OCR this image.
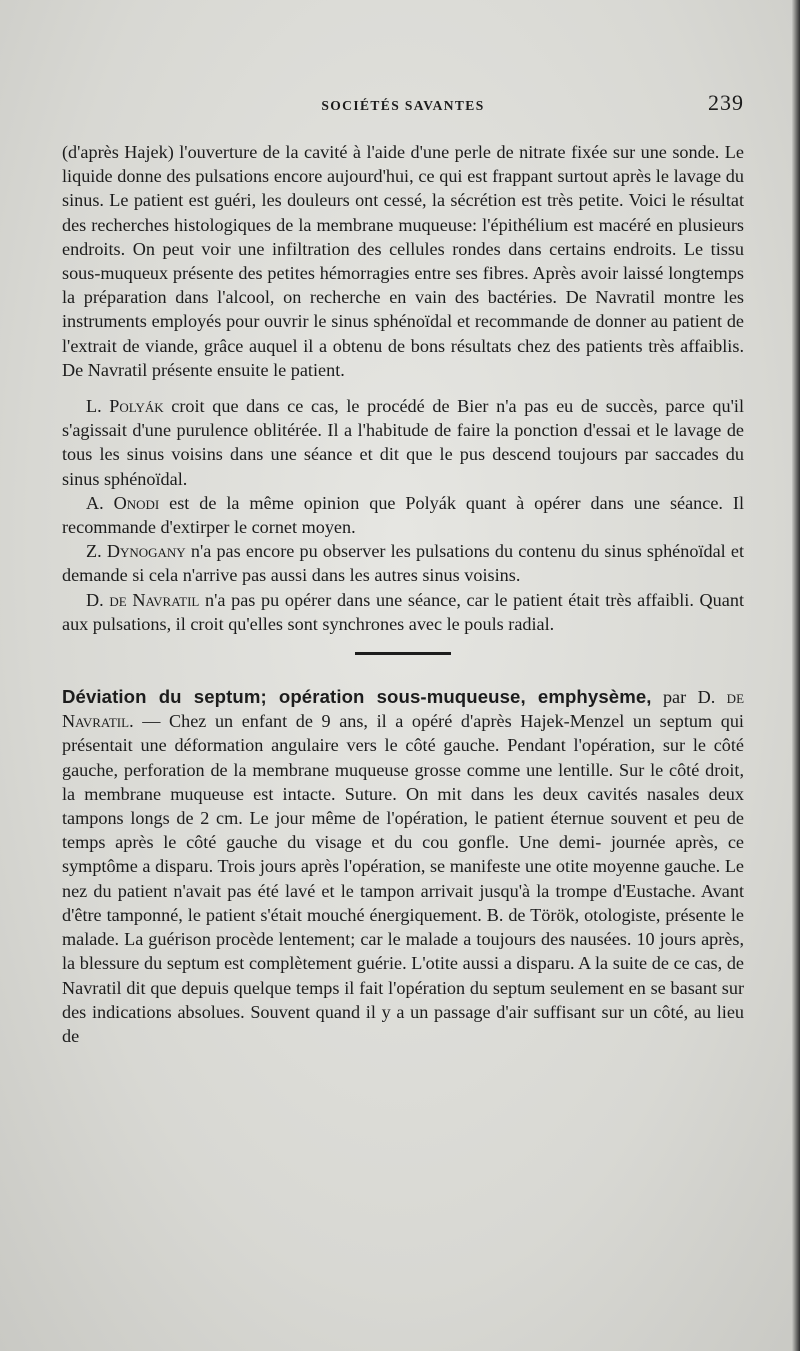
SOCIÉTÉS SAVANTES	239

(d'après Hajek) l'ouverture de la cavité à l'aide d'une perle de nitrate fixée sur une sonde. Le liquide donne des pulsations encore aujourd'hui, ce qui est frappant surtout après le lavage du sinus. Le patient est guéri, les douleurs ont cessé, la sécrétion est très petite. Voici le résultat des recherches histologiques de la membrane muqueuse: l'épithélium est macéré en plusieurs endroits. On peut voir une infiltration des cellules rondes dans certains endroits. Le tissu sous-muqueux présente des petites hémorragies entre ses fibres. Après avoir laissé longtemps la préparation dans l'alcool, on recherche en vain des bactéries. De Navratil montre les instruments employés pour ouvrir le sinus sphénoïdal et recommande de donner au patient de l'extrait de viande, grâce auquel il a obtenu de bons résultats chez des patients très affaiblis. De Navratil présente ensuite le patient.

L. Polyák croit que dans ce cas, le procédé de Bier n'a pas eu de succès, parce qu'il s'agissait d'une purulence oblitérée. Il a l'habitude de faire la ponction d'essai et le lavage de tous les sinus voisins dans une séance et dit que le pus descend toujours par saccades du sinus sphénoïdal.

A. Onodi est de la même opinion que Polyák quant à opérer dans une séance. Il recommande d'extirper le cornet moyen.

Z. Dynogany n'a pas encore pu observer les pulsations du contenu du sinus sphénoïdal et demande si cela n'arrive pas aussi dans les autres sinus voisins.

D. de Navratil n'a pas pu opérer dans une séance, car le patient était très affaibli. Quant aux pulsations, il croit qu'elles sont synchrones avec le pouls radial.

Déviation du septum; opération sous-muqueuse, emphysème, par D. de Navratil. — Chez un enfant de 9 ans, il a opéré d'après Hajek-Menzel un septum qui présentait une déformation angulaire vers le côté gauche. Pendant l'opération, sur le côté gauche, perforation de la membrane muqueuse grosse comme une lentille. Sur le côté droit, la membrane muqueuse est intacte. Suture. On mit dans les deux cavités nasales deux tampons longs de 2 cm. Le jour même de l'opération, le patient éternue souvent et peu de temps après le côté gauche du visage et du cou gonfle. Une demi- journée après, ce symptôme a disparu. Trois jours après l'opération, se manifeste une otite moyenne gauche. Le nez du patient n'avait pas été lavé et le tampon arrivait jusqu'à la trompe d'Eustache. Avant d'être tamponné, le patient s'était mouché énergiquement. B. de Török, otologiste, présente le malade. La guérison procède lentement; car le malade a toujours des nausées. 10 jours après, la blessure du septum est complètement guérie. L'otite aussi a disparu. A la suite de ce cas, de Navratil dit que depuis quelque temps il fait l'opération du septum seulement en se basant sur des indications absolues. Souvent quand il y a un passage d'air suffisant sur un côté, au lieu de
